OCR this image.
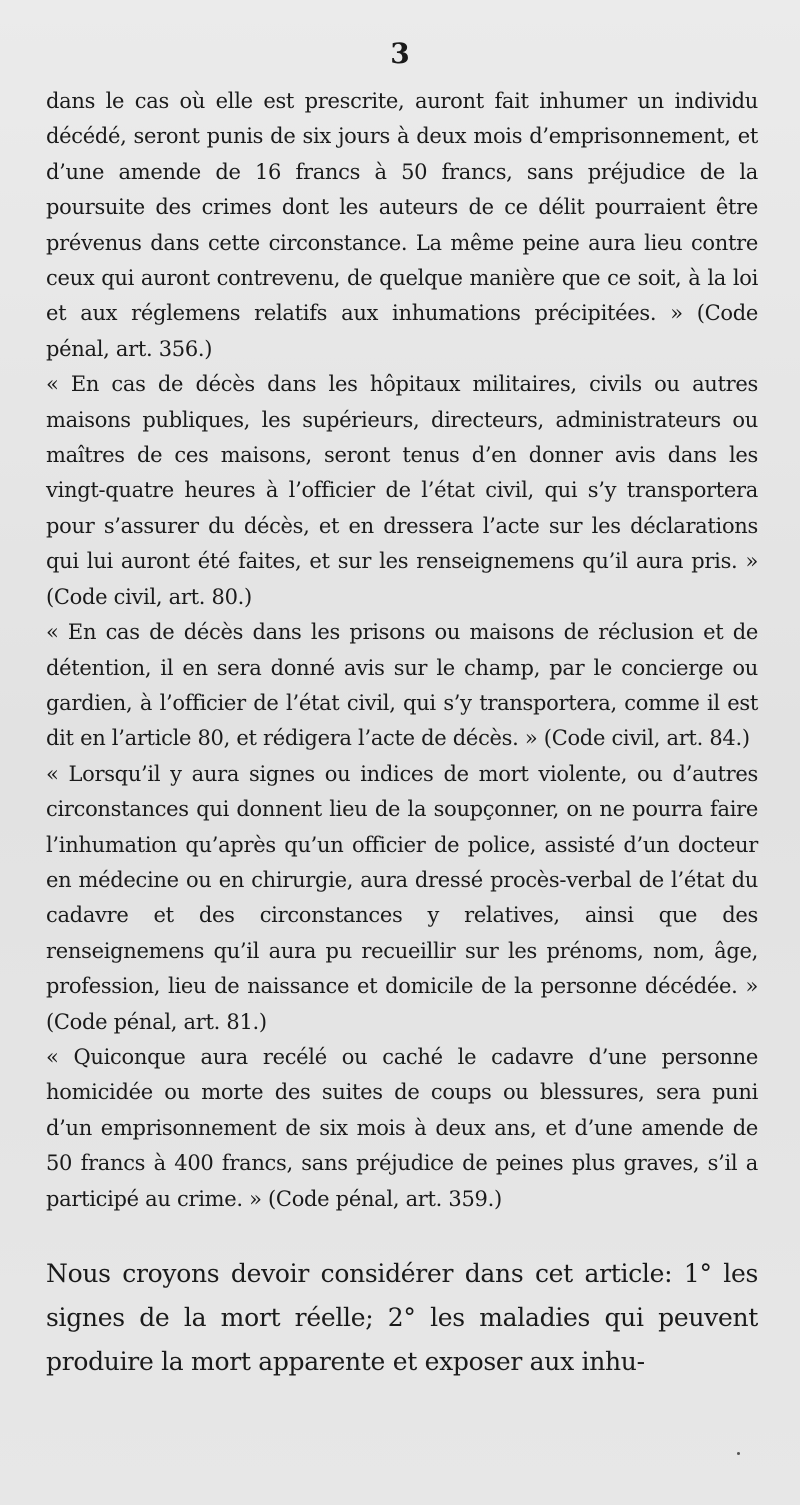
3

dans le cas où elle est prescrite, auront fait inhumer un individu décédé, seront punis de six jours à deux mois d’emprisonnement, et d’une amende de 16 francs à 50 francs, sans préjudice de la poursuite des crimes dont les auteurs de ce délit pourraient être prévenus dans cette circonstance. La même peine aura lieu contre ceux qui auront contrevenu, de quelque manière que ce soit, à la loi et aux réglemens relatifs aux inhumations précipitées. » (Code pénal, art. 356.)

« En cas de décès dans les hôpitaux militaires, civils ou autres maisons publiques, les supérieurs, directeurs, administrateurs ou maîtres de ces maisons, seront tenus d’en donner avis dans les vingt-quatre heures à l’officier de l’état civil, qui s’y transportera pour s’assurer du décès, et en dressera l’acte sur les déclarations qui lui auront été faites, et sur les renseignemens qu’il aura pris. » (Code civil, art. 80.)

« En cas de décès dans les prisons ou maisons de réclusion et de détention, il en sera donné avis sur le champ, par le concierge ou gardien, à l’officier de l’état civil, qui s’y transportera, comme il est dit en l’article 80, et rédigera l’acte de décès. » (Code civil, art. 84.)

« Lorsqu’il y aura signes ou indices de mort violente, ou d’autres circonstances qui donnent lieu de la soupçonner, on ne pourra faire l’inhumation qu’après qu’un officier de police, assisté d’un docteur en médecine ou en chirurgie, aura dressé procès-verbal de l’état du cadavre et des circonstances y relatives, ainsi que des renseignemens qu’il aura pu recueillir sur les prénoms, nom, âge, profession, lieu de naissance et domicile de la personne décédée. » (Code pénal, art. 81.)

« Quiconque aura recélé ou caché le cadavre d’une personne homicidée ou morte des suites de coups ou blessures, sera puni d’un emprisonnement de six mois à deux ans, et d’une amende de 50 francs à 400 francs, sans préjudice de peines plus graves, s’il a participé au crime. » (Code pénal, art. 359.)

Nous croyons devoir considérer dans cet article: 1° les signes de la mort réelle; 2° les maladies qui peuvent produire la mort apparente et exposer aux inhu-
